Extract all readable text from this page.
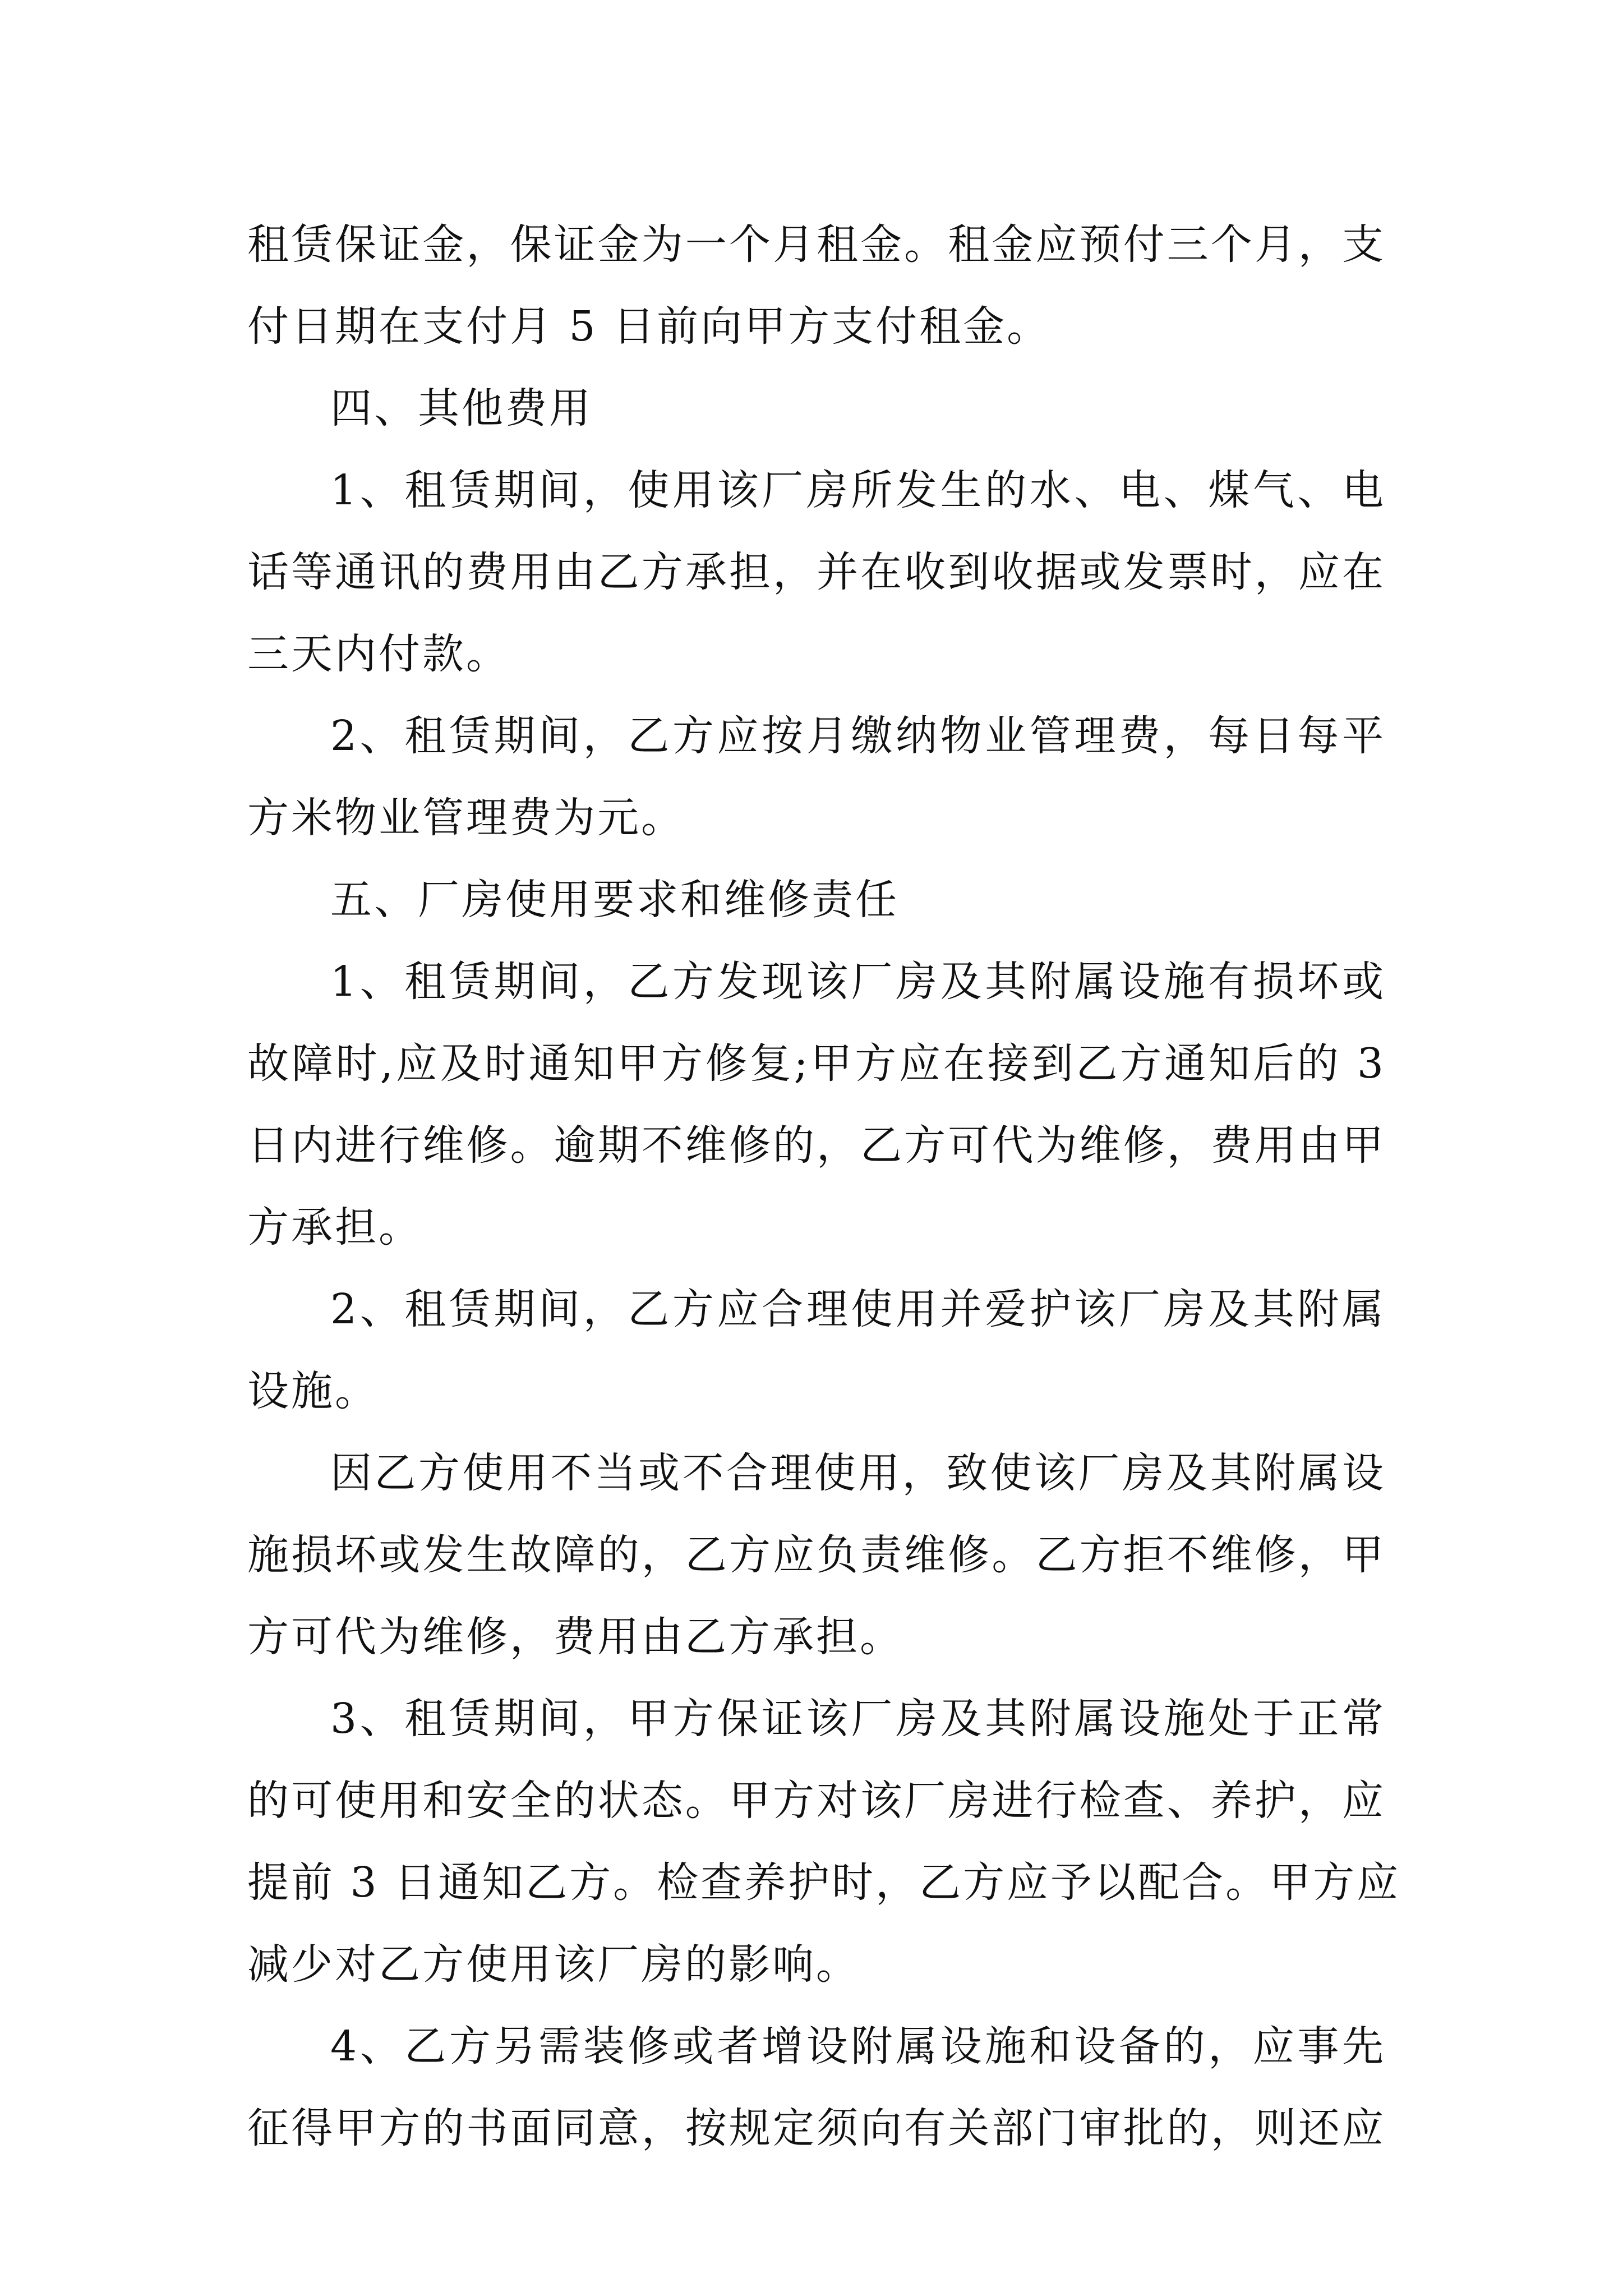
租赁保证金，保证金为一个月租金。租金应预付三个月，支
付日期在支付月 5 日前向甲方支付租金。
四、其他费用
1、租赁期间，使用该厂房所发生的水、电、煤气、电
话等通讯的费用由乙方承担，并在收到收据或发票时，应在
三天内付款。
2、租赁期间，乙方应按月缴纳物业管理费，每日每平
方米物业管理费为元。
五、厂房使用要求和维修责任
1、租赁期间，乙方发现该厂房及其附属设施有损坏或
故障时,应及时通知甲方修复;甲方应在接到乙方通知后的 3
日内进行维修。逾期不维修的，乙方可代为维修，费用由甲
方承担。
2、租赁期间，乙方应合理使用并爱护该厂房及其附属
设施。
因乙方使用不当或不合理使用，致使该厂房及其附属设
施损坏或发生故障的，乙方应负责维修。乙方拒不维修，甲
方可代为维修，费用由乙方承担。
3、租赁期间，甲方保证该厂房及其附属设施处于正常
的可使用和安全的状态。甲方对该厂房进行检查、养护，应
提前 3 日通知乙方。检查养护时，乙方应予以配合。甲方应
减少对乙方使用该厂房的影响。
4、乙方另需装修或者增设附属设施和设备的，应事先
征得甲方的书面同意，按规定须向有关部门审批的，则还应
